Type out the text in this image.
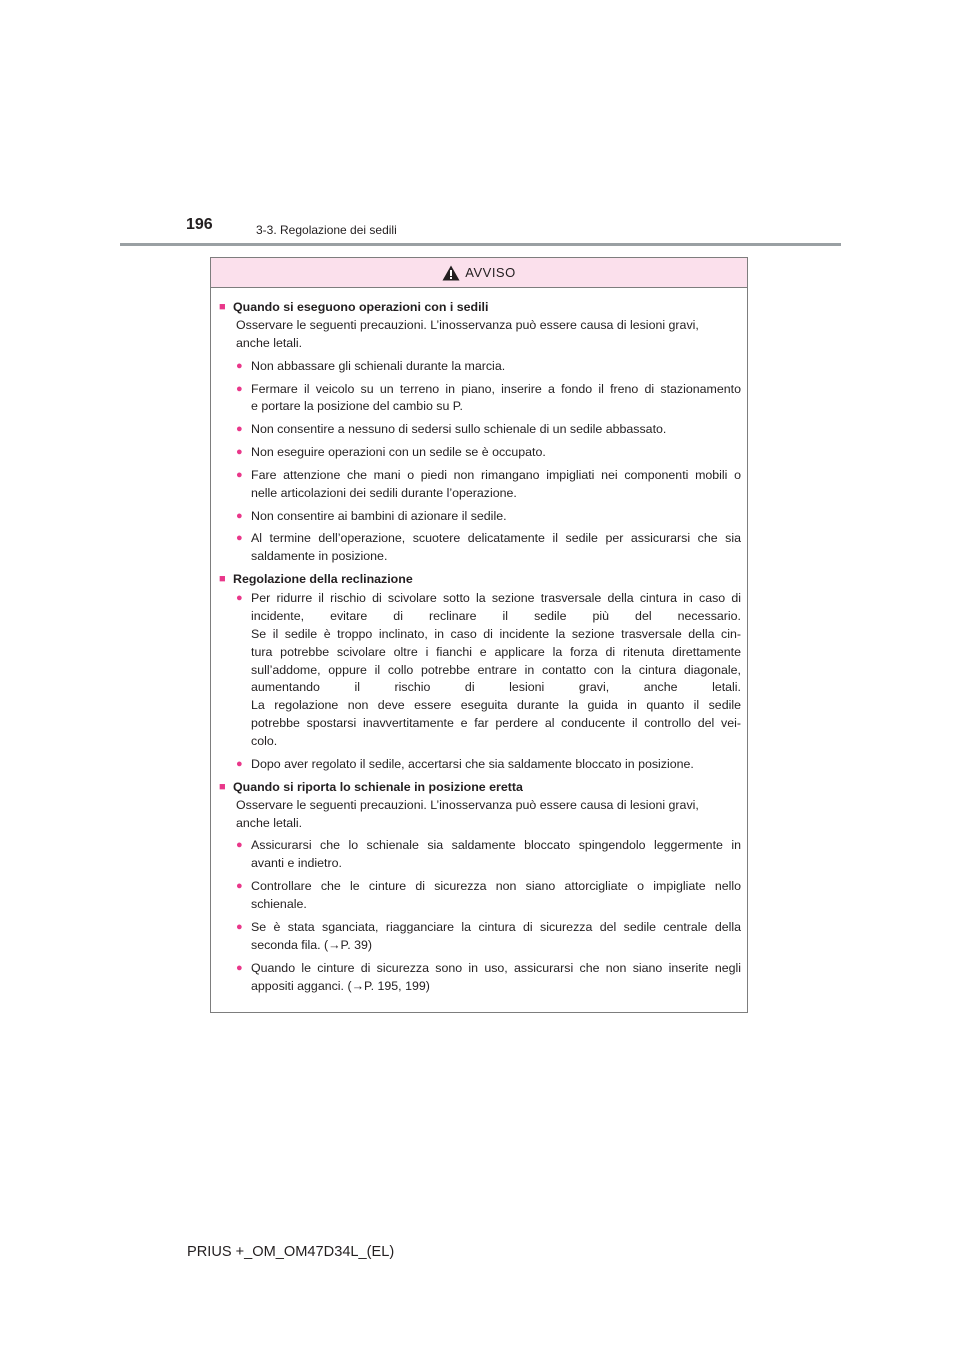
196	3-3. Regolazione dei sedili
AVVISO
■ Quando si eseguono operazioni con i sedili
Osservare le seguenti precauzioni. L’inosservanza può essere causa di lesioni gravi,
anche letali.
● Non abbassare gli schienali durante la marcia.
● Fermare il veicolo su un terreno in piano, inserire a fondo il freno di stazionamento
e portare la posizione del cambio su P.
● Non consentire a nessuno di sedersi sullo schienale di un sedile abbassato.
● Non eseguire operazioni con un sedile se è occupato.
● Fare attenzione che mani o piedi non rimangano impigliati nei componenti mobili o
nelle articolazioni dei sedili durante l’operazione.
● Non consentire ai bambini di azionare il sedile.
● Al termine dell’operazione, scuotere delicatamente il sedile per assicurarsi che sia
saldamente in posizione.
■ Regolazione della reclinazione
● Per ridurre il rischio di scivolare sotto la sezione trasversale della cintura in caso di
incidente, evitare di reclinare il sedile più del necessario.
Se il sedile è troppo inclinato, in caso di incidente la sezione trasversale della cin-
tura potrebbe scivolare oltre i fianchi e applicare la forza di ritenuta direttamente
sull’addome, oppure il collo potrebbe entrare in contatto con la cintura diagonale,
aumentando il rischio di lesioni gravi, anche letali.
La regolazione non deve essere eseguita durante la guida in quanto il sedile
potrebbe spostarsi inavvertitamente e far perdere al conducente il controllo del vei-
colo.
● Dopo aver regolato il sedile, accertarsi che sia saldamente bloccato in posizione.
■ Quando si riporta lo schienale in posizione eretta
Osservare le seguenti precauzioni. L’inosservanza può essere causa di lesioni gravi,
anche letali.
● Assicurarsi che lo schienale sia saldamente bloccato spingendolo leggermente in
avanti e indietro.
● Controllare che le cinture di sicurezza non siano attorcigliate o impigliate nello
schienale.
● Se è stata sganciata, riagganciare la cintura di sicurezza del sedile centrale della
seconda fila. (→P. 39)
● Quando le cinture di sicurezza sono in uso, assicurarsi che non siano inserite negli
appositi agganci. (→P. 195, 199)
PRIUS +_OM_OM47D34L_(EL)
